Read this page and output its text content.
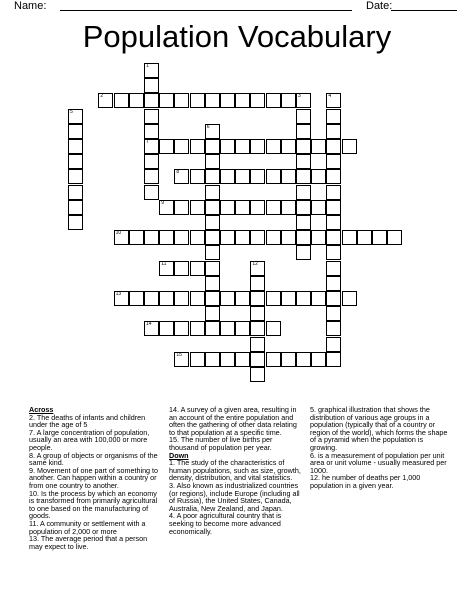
Name:	Date:
Population Vocabulary
1
7
2	3	4
5
6
8
9
10
11	12
13
14
15

Across

2. The deaths of infants and children under the age of 5

7. A large concentration of population, usually an area with 100,000 or more people.

8. A group of objects or organisms of the same kind.

9. Movement of one part of something to another. Can happen within a country or from one country to another.

10. Is the process by which an economy is transformed from primarily agricultural to one based on the manufacturing of goods.

11. A community or settlement with a population of 2,000 or more

13. The average period that a person may expect to live.

14. A survey of a given area, resulting in an account of the entire population and often the gathering of other data relating to that population at a specific time.

15. The number of live births per thousand of population per year.

Down

1. The study of the characteristics of human populations, such as size, growth, density, distribution, and vital statistics.

3. Also known as industrialized countries (or regions), include Europe (including all of Russia), the United States, Canada, Australia, New Zealand, and Japan.

4. A poor agricultural country that is seeking to become more advanced economically.

5. graphical illustration that shows the distribution of various age groups in a population (typically that of a country or region of the world), which forms the shape of a pyramid when the population is growing.

6. is a measurement of population per unit area or unit volume - usually measured per 1000.

12. he number of deaths per 1,000 population in a given year.
